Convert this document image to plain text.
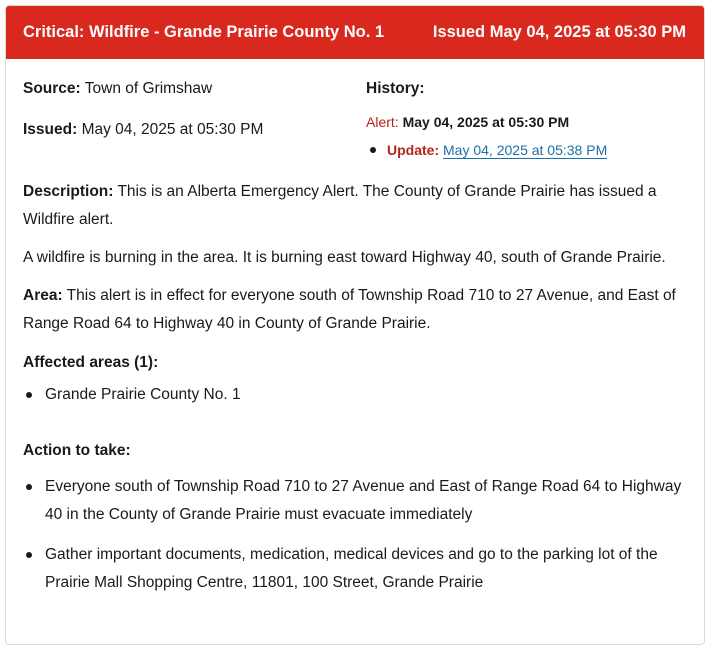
Critical: Wildfire - Grande Prairie County No. 1	Issued May 04, 2025 at 05:30 PM

Source: Town of Grimshaw

Issued: May 04, 2025 at 05:30 PM

History:
Alert: May 04, 2025 at 05:30 PM
Update: May 04, 2025 at 05:38 PM

Description: This is an Alberta Emergency Alert. The County of Grande Prairie has issued a Wildfire alert.

A wildfire is burning in the area. It is burning east toward Highway 40, south of Grande Prairie.

Area: This alert is in effect for everyone south of Township Road 710 to 27 Avenue, and East of Range Road 64 to Highway 40 in County of Grande Prairie.

Affected areas (1):
Grande Prairie County No. 1
Action to take:
Everyone south of Township Road 710 to 27 Avenue and East of Range Road 64 to Highway 40 in the County of Grande Prairie must evacuate immediately
Gather important documents, medication, medical devices and go to the parking lot of the Prairie Mall Shopping Centre, 11801, 100 Street, Grande Prairie
